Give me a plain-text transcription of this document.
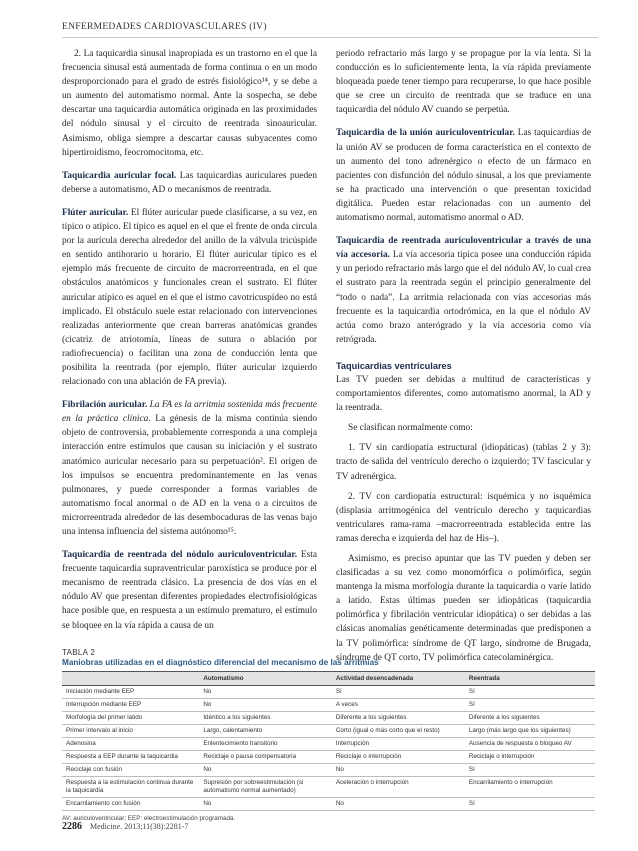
ENFERMEDADES CARDIOVASCULARES (IV)

2. La taquicardia sinusal inapropiada es un trastorno en el que la frecuencia sinusal está aumentada de forma continua o en un modo desproporcionado para el grado de estrés fisiológico¹⁴, y se debe a un aumento del automatismo normal. Ante la sospecha, se debe descartar una taquicardia automática originada en las proximidades del nódulo sinusal y el circuito de reentrada sinoauricular. Asimismo, obliga siempre a descartar causas subyacentes como hipertiroidismo, feocromocitoma, etc.

Taquicardia auricular focal. Las taquicardias auriculares pueden deberse a automatismo, AD o mecanismos de reentrada.

Flúter auricular. El flúter auricular puede clasificarse, a su vez, en típico o atípico. El típico es aquel en el que el frente de onda circula por la aurícula derecha alrededor del anillo de la válvula tricúspide en sentido antihorario u horario. El flúter auricular típico es el ejemplo más frecuente de circuito de macrorreentrada, en el que obstáculos anatómicos y funcionales crean el sustrato. El flúter auricular atípico es aquel en el que el istmo cavotricuspídeo no está implicado. El obstáculo suele estar relacionado con intervenciones realizadas anteriormente que crean barreras anatómicas grandes (cicatriz de atriotomía, líneas de sutura o ablación por radiofrecuencia) o facilitan una zona de conducción lenta que posibilita la reentrada (por ejemplo, flúter auricular izquierdo relacionado con una ablación de FA previa).

Fibrilación auricular. La FA es la arritmia sostenida más frecuente en la práctica clínica. La génesis de la misma continúa siendo objeto de controversia, probablemente corresponda a una compleja interacción entre estímulos que causan su iniciación y el sustrato anatómico auricular necesario para su perpetuación². El origen de los impulsos se encuentra predominantemente en las venas pulmonares, y puede corresponder a formas variables de automatismo focal anormal o de AD en la vena o a circuitos de microrreentrada alrededor de las desembocaduras de las venas bajo una intensa influencia del sistema autónomo¹⁵.

Taquicardia de reentrada del nódulo auriculoventricular. Esta frecuente taquicardia supraventricular paroxística se produce por el mecanismo de reentrada clásico. La presencia de dos vías en el nódulo AV que presentan diferentes propiedades electrofisiológicas hace posible que, en respuesta a un estímulo prematuro, el estímulo se bloquee en la vía rápida a causa de un

periodo refractario más largo y se propague por la vía lenta. Si la conducción es lo suficientemente lenta, la vía rápida previamente bloqueada puede tener tiempo para recuperarse, lo que hace posible que se cree un circuito de reentrada que se traduce en una taquicardia del nódulo AV cuando se perpetúa.

Taquicardia de la unión auriculoventricular. Las taquicardias de la unión AV se producen de forma característica en el contexto de un aumento del tono adrenérgico o efecto de un fármaco en pacientes con disfunción del nódulo sinusal, a los que previamente se ha practicado una intervención o que presentan toxicidad digitálica. Pueden estar relacionadas con un aumento del automatismo normal, automatismo anormal o AD.

Taquicardia de reentrada auriculoventricular a través de una vía accesoria. La vía accesoria típica posee una conducción rápida y un periodo refractario más largo que el del nódulo AV, lo cual crea el sustrato para la reentrada según el principio generalmente del “todo o nada”. La arritmia relacionada con vías accesorias más frecuente es la taquicardia ortodrómica, en la que el nódulo AV actúa como brazo anterógrado y la vía accesoria como vía retrógrada.

Taquicardias ventriculares

Las TV pueden ser debidas a multitud de características y comportamientos diferentes, como automatismo anormal, la AD y la reentrada.

Se clasifican normalmente como:

1. TV sin cardiopatía estructural (idiopáticas) (tablas 2 y 3): tracto de salida del ventrículo derecho o izquierdo; TV fascicular y TV adrenérgica.

2. TV con cardiopatía estructural: isquémica y no isquémica (displasia arritmogénica del ventrículo derecho y taquicardias ventriculares rama-rama –macrorreentrada establecida entre las ramas derecha e izquierda del haz de His–).

Asimismo, es preciso apuntar que las TV pueden y deben ser clasificadas a su vez como monomórfica o polimórfica, según mantenga la misma morfología durante la taquicardia o varíe latido a latido. Estas últimas pueden ser idiopáticas (taquicardia polimórfica y fibrilación ventricular idiopática) o ser debidas a las clásicas anomalías genéticamente determinadas que predisponen a la TV polimórfica: síndrome de QT largo, síndrome de Brugada, síndrome de QT corto, TV polimórfica catecolaminérgica.

TABLA 2
Maniobras utilizadas en el diagnóstico diferencial del mecanismo de las arritmias
	Automatismo	Actividad desencadenada	Reentrada
Iniciación mediante EEP	No	Sí	Sí
Interrupción mediante EEP	No	A veces	Sí
Morfología del primer latido	Idéntico a los siguientes	Diferente a los siguientes	Diferente a los siguientes
Primer intervalo al inicio	Largo, calentamiento	Corto (igual o más corto que el resto)	Largo (más largo que los siguientes)
Adenosina	Enlentecimiento transitorio	Interrupción	Ausencia de respuesta o bloqueo AV
Respuesta a EEP durante la taquicardia	Reciclaje o pausa compensatoria	Reciclaje o interrupción	Reciclaje o interrupción
Reciclaje con fusión	No	No	Sí
Respuesta a la estimulación continua durante la taquicardia	Supresión por sobreestimulación (si automatismo normal aumentado)	Aceleración o interrupción	Encarrilamiento o interrupción
Encarrilamiento con fusión	No	No	Sí
AV: auriculoventricular; EEP: electroestimulación programada.
2286 Medicine. 2013;11(38):2281-7
